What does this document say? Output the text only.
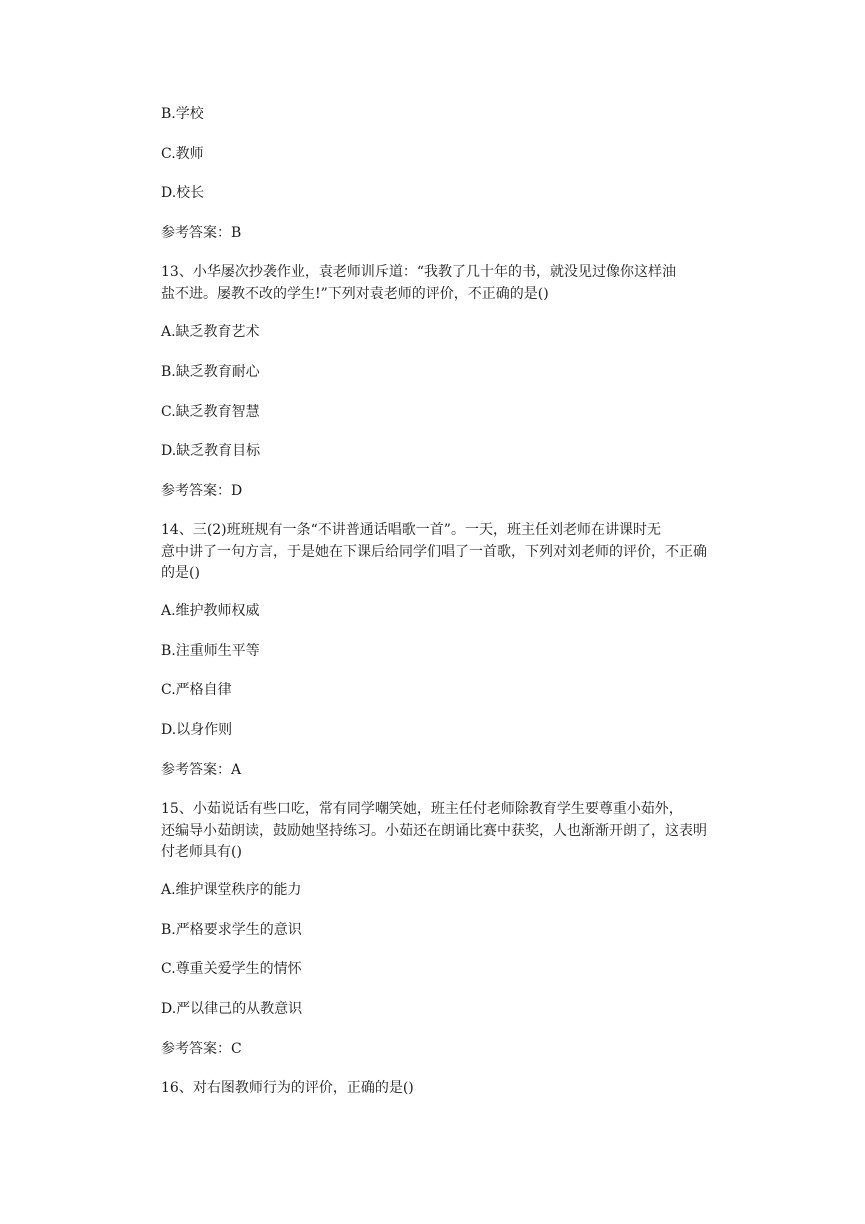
B.学校

C.教师

D.校长

参考答案：B

13、小华屡次抄袭作业，袁老师训斥道：“我教了几十年的书，就没见过像你这样油

盐不进。屡教不改的学生!”下列对袁老师的评价，不正确的是()

A.缺乏教育艺术

B.缺乏教育耐心

C.缺乏教育智慧

D.缺乏教育目标

参考答案：D

14、三(2)班班规有一条“不讲普通话唱歌一首”。一天，班主任刘老师在讲课时无

意中讲了一句方言，于是她在下课后给同学们唱了一首歌，下列对刘老师的评价，不正确

的是()

A.维护教师权威

B.注重师生平等

C.严格自律

D.以身作则

参考答案：A

15、小茹说话有些口吃，常有同学嘲笑她，班主任付老师除教育学生要尊重小茹外，

还编导小茹朗读，鼓励她坚持练习。小茹还在朗诵比赛中获奖，人也渐渐开朗了，这表明

付老师具有()

A.维护课堂秩序的能力

B.严格要求学生的意识

C.尊重关爱学生的情怀

D.严以律己的从教意识

参考答案：C

16、对右图教师行为的评价，正确的是()
